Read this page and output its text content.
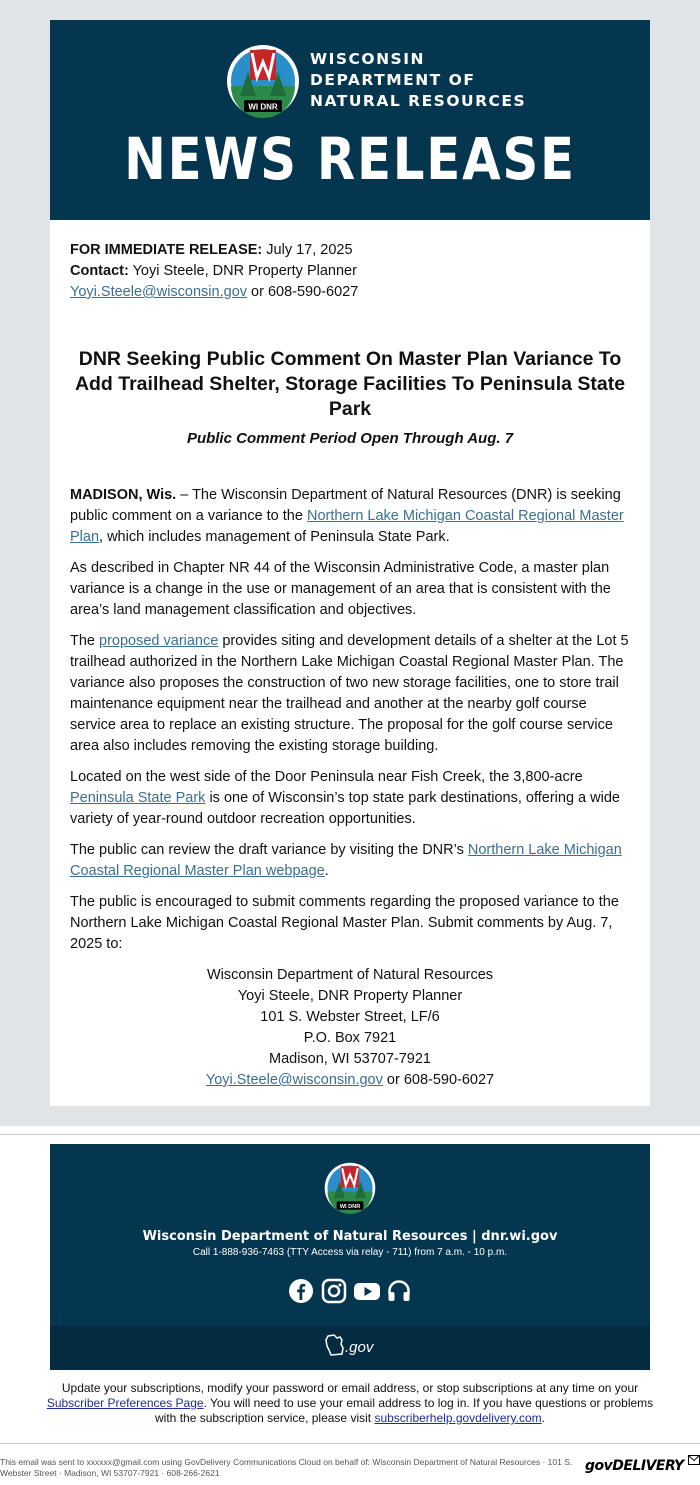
WI DNR
WISCONSIN
DEPARTMENT OF
NATURAL RESOURCES
NEWS RELEASE

FOR IMMEDIATE RELEASE: July 17, 2025

Contact: Yoyi Steele, DNR Property Planner

Yoyi.Steele@wisconsin.gov or 608-590-6027

DNR Seeking Public Comment On Master Plan Variance To Add Trailhead Shelter, Storage Facilities To Peninsula State Park
Public Comment Period Open Through Aug. 7

MADISON, Wis. – The Wisconsin Department of Natural Resources (DNR) is seeking public comment on a variance to the Northern Lake Michigan Coastal Regional Master Plan, which includes management of Peninsula State Park.

As described in Chapter NR 44 of the Wisconsin Administrative Code, a master plan variance is a change in the use or management of an area that is consistent with the area’s land management classification and objectives.

The proposed variance provides siting and development details of a shelter at the Lot 5 trailhead authorized in the Northern Lake Michigan Coastal Regional Master Plan. The variance also proposes the construction of two new storage facilities, one to store trail maintenance equipment near the trailhead and another at the nearby golf course service area to replace an existing structure. The proposal for the golf course service area also includes removing the existing storage building.

Located on the west side of the Door Peninsula near Fish Creek, the 3,800-acre Peninsula State Park is one of Wisconsin’s top state park destinations, offering a wide variety of year-round outdoor recreation opportunities.

The public can review the draft variance by visiting the DNR’s Northern Lake Michigan Coastal Regional Master Plan webpage.

The public is encouraged to submit comments regarding the proposed variance to the Northern Lake Michigan Coastal Regional Master Plan. Submit comments by Aug. 7, 2025 to:

Wisconsin Department of Natural Resources
Yoyi Steele, DNR Property Planner
101 S. Webster Street, LF/6
P.O. Box 7921
Madison, WI 53707-7921
Yoyi.Steele@wisconsin.gov or 608-590-6027
WI DNR
Wisconsin Department of Natural Resources | dnr.wi.gov
Call 1-888-936-7463 (TTY Access via relay - 711) from 7 a.m. - 10 p.m.
.gov
Update your subscriptions, modify your password or email address, or stop subscriptions at any time on your Subscriber Preferences Page. You will need to use your email address to log in. If you have questions or problems with the subscription service, please visit subscriberhelp.govdelivery.com.
This email was sent to xxxxxx@gmail.com using GovDelivery Communications Cloud on behalf of: Wisconsin Department of Natural Resources · 101 S. Webster Street · Madison, WI 53707-7921 · 608-266-2621	govDELIVERY
